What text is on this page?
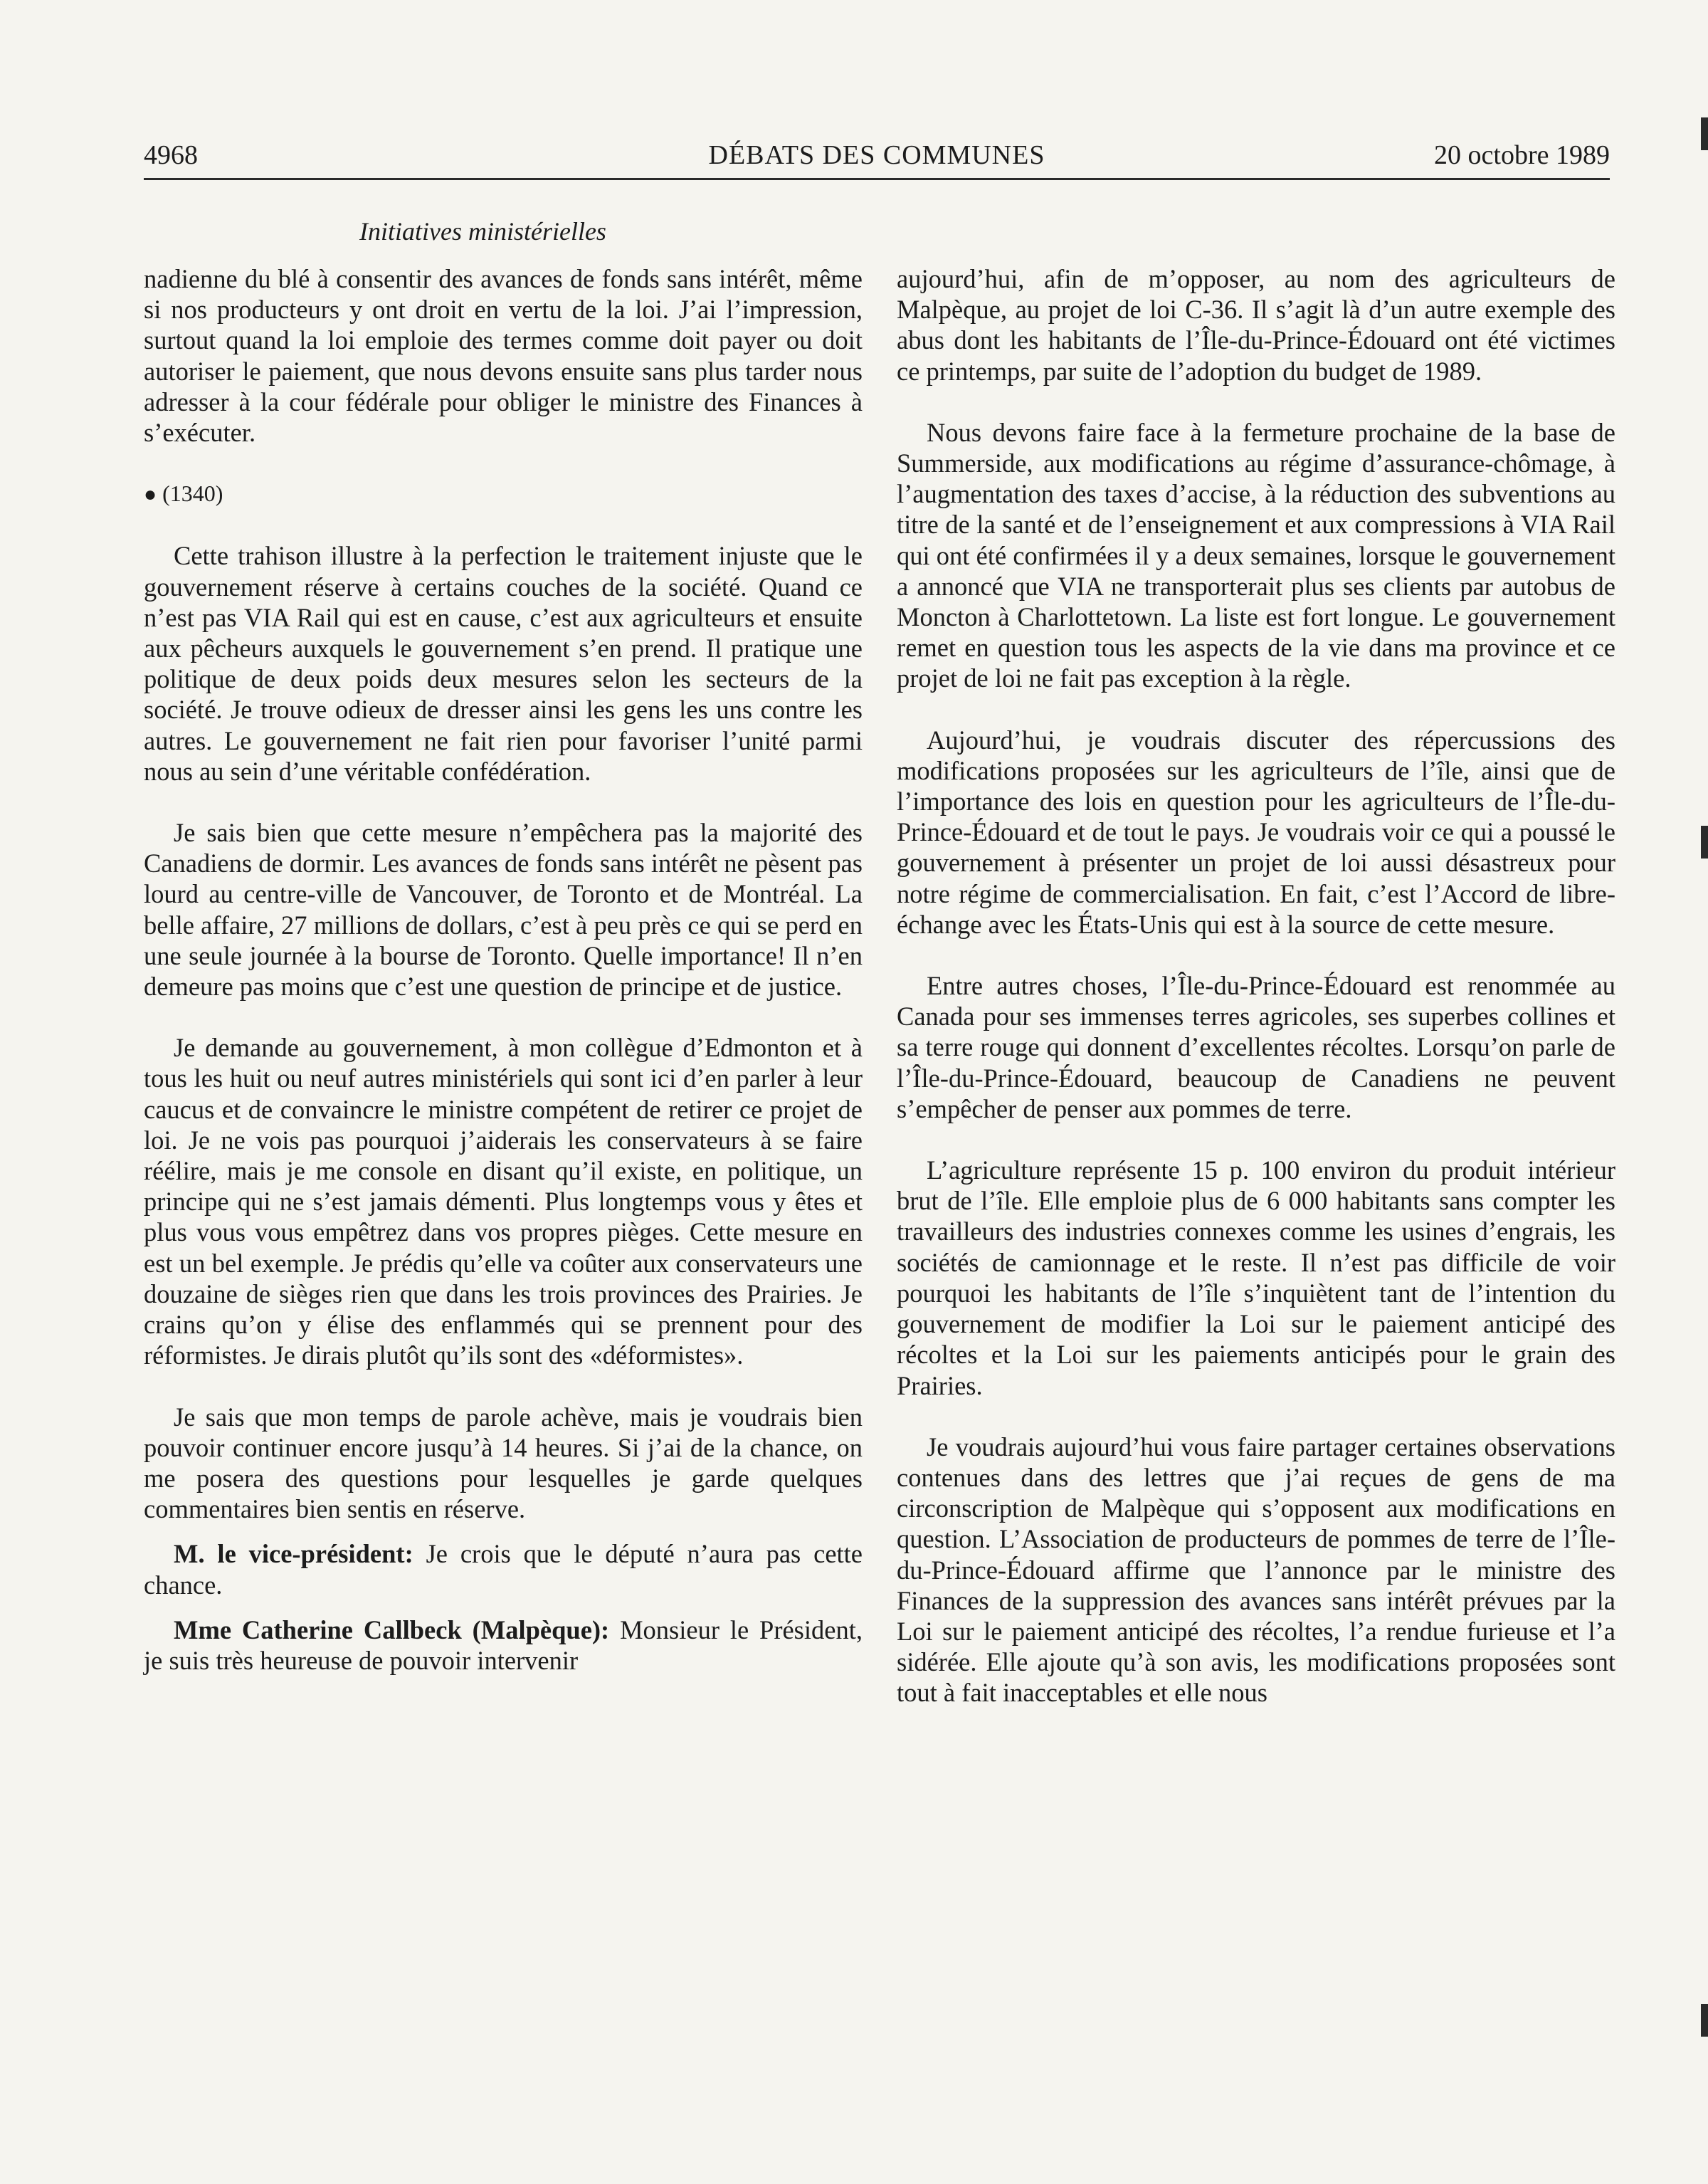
4968	DÉBATS DES COMMUNES	20 octobre 1989
Initiatives ministérielles

nadienne du blé à consentir des avances de fonds sans intérêt, même si nos producteurs y ont droit en vertu de la loi. J’ai l’impression, surtout quand la loi emploie des termes comme doit payer ou doit autoriser le paiement, que nous devons ensuite sans plus tarder nous adresser à la cour fédérale pour obliger le ministre des Finances à s’exécuter.

● (1340)

Cette trahison illustre à la perfection le traitement injuste que le gouvernement réserve à certains couches de la société. Quand ce n’est pas VIA Rail qui est en cause, c’est aux agriculteurs et ensuite aux pêcheurs auxquels le gouvernement s’en prend. Il pratique une politique de deux poids deux mesures selon les secteurs de la société. Je trouve odieux de dresser ainsi les gens les uns contre les autres. Le gouvernement ne fait rien pour favoriser l’unité parmi nous au sein d’une véritable confédération.

Je sais bien que cette mesure n’empêchera pas la majorité des Canadiens de dormir. Les avances de fonds sans intérêt ne pèsent pas lourd au centre-ville de Vancouver, de Toronto et de Montréal. La belle affaire, 27 millions de dollars, c’est à peu près ce qui se perd en une seule journée à la bourse de Toronto. Quelle importance! Il n’en demeure pas moins que c’est une question de principe et de justice.

Je demande au gouvernement, à mon collègue d’Edmonton et à tous les huit ou neuf autres ministériels qui sont ici d’en parler à leur caucus et de convaincre le ministre compétent de retirer ce projet de loi. Je ne vois pas pourquoi j’aiderais les conservateurs à se faire réélire, mais je me console en disant qu’il existe, en politique, un principe qui ne s’est jamais démenti. Plus longtemps vous y êtes et plus vous vous empêtrez dans vos propres pièges. Cette mesure en est un bel exemple. Je prédis qu’elle va coûter aux conservateurs une douzaine de sièges rien que dans les trois provinces des Prairies. Je crains qu’on y élise des enflammés qui se prennent pour des réformistes. Je dirais plutôt qu’ils sont des «déformistes».

Je sais que mon temps de parole achève, mais je voudrais bien pouvoir continuer encore jusqu’à 14 heures. Si j’ai de la chance, on me posera des questions pour lesquelles je garde quelques commentaires bien sentis en réserve.

M. le vice-président: Je crois que le député n’aura pas cette chance.

Mme Catherine Callbeck (Malpèque): Monsieur le Président, je suis très heureuse de pouvoir intervenir

aujourd’hui, afin de m’opposer, au nom des agriculteurs de Malpèque, au projet de loi C-36. Il s’agit là d’un autre exemple des abus dont les habitants de l’Île-du-Prince-Édouard ont été victimes ce printemps, par suite de l’adoption du budget de 1989.

Nous devons faire face à la fermeture prochaine de la base de Summerside, aux modifications au régime d’assurance-chômage, à l’augmentation des taxes d’accise, à la réduction des subventions au titre de la santé et de l’enseignement et aux compressions à VIA Rail qui ont été confirmées il y a deux semaines, lorsque le gouvernement a annoncé que VIA ne transporterait plus ses clients par autobus de Moncton à Charlottetown. La liste est fort longue. Le gouvernement remet en question tous les aspects de la vie dans ma province et ce projet de loi ne fait pas exception à la règle.

Aujourd’hui, je voudrais discuter des répercussions des modifications proposées sur les agriculteurs de l’île, ainsi que de l’importance des lois en question pour les agriculteurs de l’Île-du-Prince-Édouard et de tout le pays. Je voudrais voir ce qui a poussé le gouvernement à présenter un projet de loi aussi désastreux pour notre régime de commercialisation. En fait, c’est l’Accord de libre-échange avec les États-Unis qui est à la source de cette mesure.

Entre autres choses, l’Île-du-Prince-Édouard est renommée au Canada pour ses immenses terres agricoles, ses superbes collines et sa terre rouge qui donnent d’excellentes récoltes. Lorsqu’on parle de l’Île-du-Prince-Édouard, beaucoup de Canadiens ne peuvent s’empêcher de penser aux pommes de terre.

L’agriculture représente 15 p. 100 environ du produit intérieur brut de l’île. Elle emploie plus de 6 000 habitants sans compter les travailleurs des industries connexes comme les usines d’engrais, les sociétés de camionnage et le reste. Il n’est pas difficile de voir pourquoi les habitants de l’île s’inquiètent tant de l’intention du gouvernement de modifier la Loi sur le paiement anticipé des récoltes et la Loi sur les paiements anticipés pour le grain des Prairies.

Je voudrais aujourd’hui vous faire partager certaines observations contenues dans des lettres que j’ai reçues de gens de ma circonscription de Malpèque qui s’opposent aux modifications en question. L’Association de producteurs de pommes de terre de l’Île-du-Prince-Édouard affirme que l’annonce par le ministre des Finances de la suppression des avances sans intérêt prévues par la Loi sur le paiement anticipé des récoltes, l’a rendue furieuse et l’a sidérée. Elle ajoute qu’à son avis, les modifications proposées sont tout à fait inacceptables et elle nous
